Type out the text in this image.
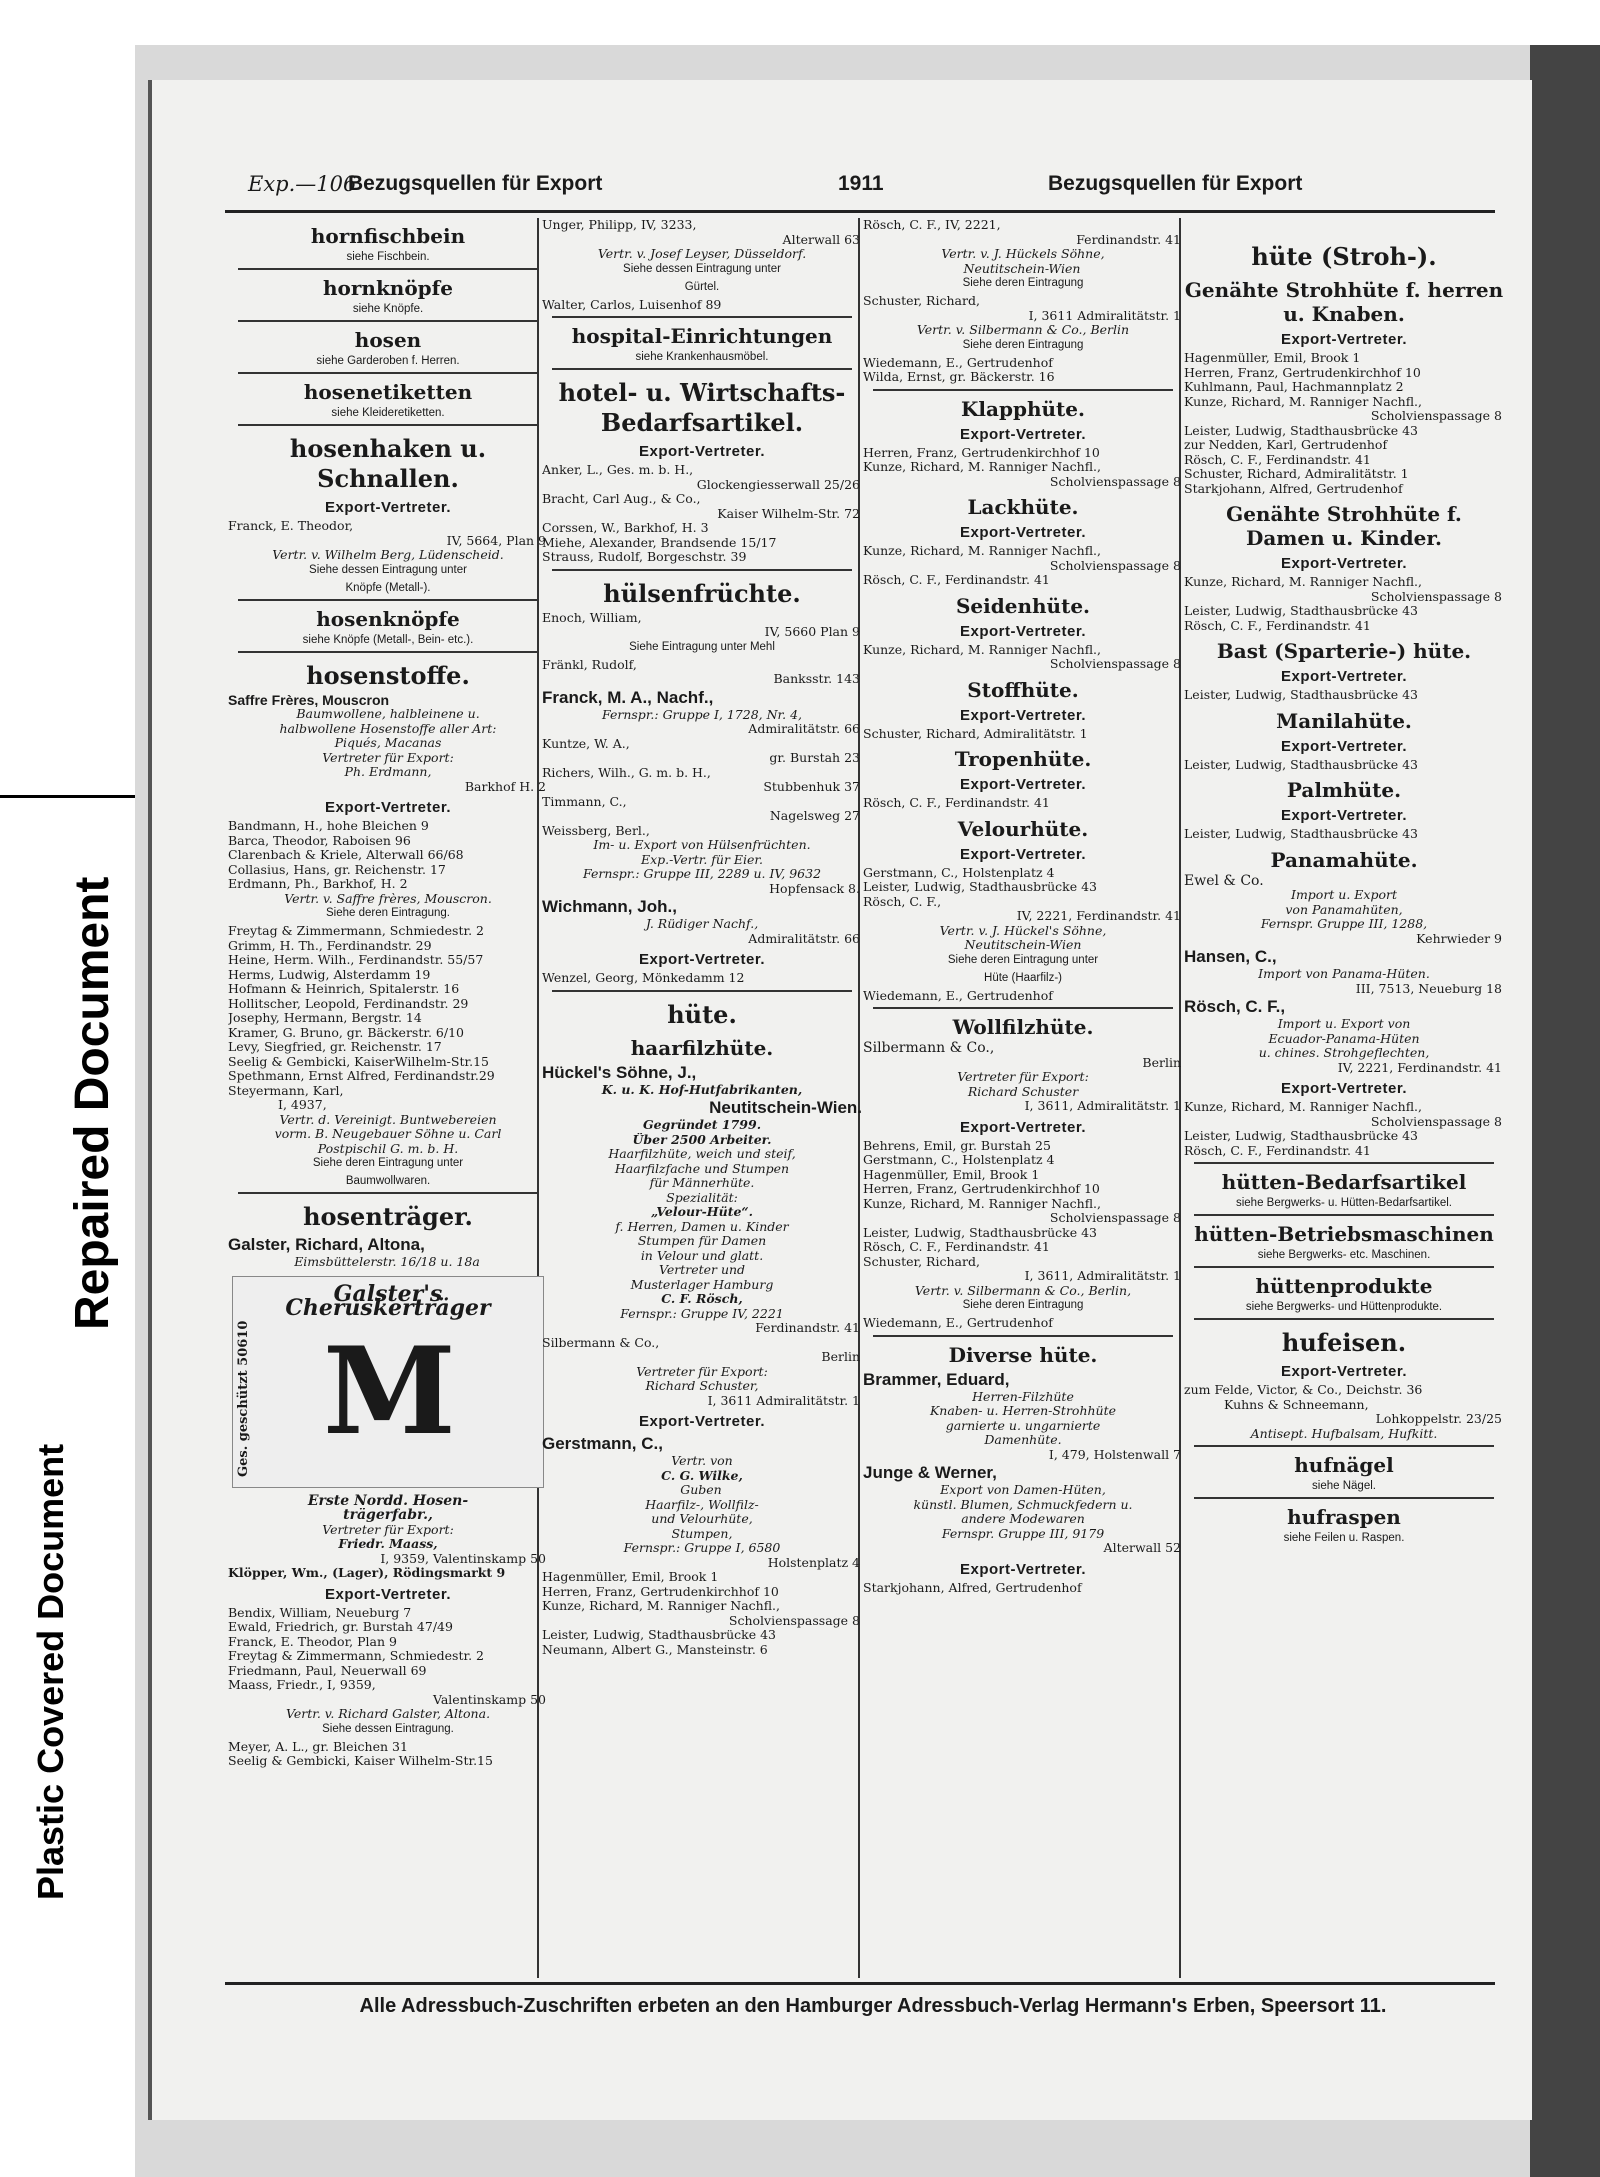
Plastic Covered Document
Repaired Document
Exp.—106
Bezugsquellen für Export	1911	Bezugsquellen für Export
hornfischbein
siehe Fischbein.
hornknöpfe
siehe Knöpfe.
hosen
siehe Garderoben f. Herren.
hosenetiketten
siehe Kleideretiketten.
hosenhaken u. Schnallen.
Export-Vertreter.
Franck, E. Theodor,
IV, 5664, Plan 9
Vertr. v. Wilhelm Berg, Lüdenscheid.
Siehe dessen Eintragung unter
Knöpfe (Metall-).
hosenknöpfe
siehe Knöpfe (Metall-, Bein- etc.).
hosenstoffe.
Saffre Frères, Mouscron
Baumwollene, halbleinene u.
halbwollene Hosenstoffe aller Art:
Piqués, Macanas
Vertreter für Export:
Ph. Erdmann,
Barkhof H. 2
Export-Vertreter.
Bandmann, H., hohe Bleichen 9
Barca, Theodor, Raboisen 96
Clarenbach & Kriele, Alterwall 66/68
Collasius, Hans, gr. Reichenstr. 17
Erdmann, Ph., Barkhof, H. 2
Vertr. v. Saffre frères, Mouscron.
Siehe deren Eintragung.
Freytag & Zimmermann, Schmiedestr. 2
Grimm, H. Th., Ferdinandstr. 29
Heine, Herm. Wilh., Ferdinandstr. 55/57
Herms, Ludwig, Alsterdamm 19
Hofmann & Heinrich, Spitalerstr. 16
Hollitscher, Leopold, Ferdinandstr. 29
Josephy, Hermann, Bergstr. 14
Kramer, G. Bruno, gr. Bäckerstr. 6/10
Levy, Siegfried, gr. Reichenstr. 17
Seelig & Gembicki, KaiserWilhelm-Str.15
Spethmann, Ernst Alfred, Ferdinandstr.29
Steyermann, Karl,
I, 4937,
Vertr. d. Vereinigt. Buntwebereien
vorm. B. Neugebauer Söhne u. Carl
Postpischil G. m. b. H.
Siehe deren Eintragung unter
Baumwollwaren.
hosenträger.
Galster, Richard, Altona,
Eimsbüttelerstr. 16/18 u. 18a
Galster's Cheruskerträger
M
Ges. geschützt 50610
Erste Nordd. Hosen-
trägerfabr.,
Vertreter für Export:
Friedr. Maass,
I, 9359, Valentinskamp 50
Klöpper, Wm., (Lager), Rödingsmarkt 9
Export-Vertreter.
Bendix, William, Neueburg 7
Ewald, Friedrich, gr. Burstah 47/49
Franck, E. Theodor, Plan 9
Freytag & Zimmermann, Schmiedestr. 2
Friedmann, Paul, Neuerwall 69
Maass, Friedr., I, 9359,
Valentinskamp 50
Vertr. v. Richard Galster, Altona.
Siehe dessen Eintragung.
Meyer, A. L., gr. Bleichen 31
Seelig & Gembicki, Kaiser Wilhelm-Str.15
Unger, Philipp, IV, 3233,
Alterwall 63
Vertr. v. Josef Leyser, Düsseldorf.
Siehe dessen Eintragung unter
Gürtel.
Walter, Carlos, Luisenhof 89
hospital-Einrichtungen
siehe Krankenhausmöbel.
hotel- u. Wirtschafts-Bedarfsartikel.
Export-Vertreter.
Anker, L., Ges. m. b. H.,
Glockengiesserwall 25/26
Bracht, Carl Aug., & Co.,
Kaiser Wilhelm-Str. 72
Corssen, W., Barkhof, H. 3
Miehe, Alexander, Brandsende 15/17
Strauss, Rudolf, Borgeschstr. 39
hülsenfrüchte.
Enoch, William,
IV, 5660 Plan 9
Siehe Eintragung unter Mehl
Fränkl, Rudolf,
Banksstr. 143
Franck, M. A., Nachf.,
Fernspr.: Gruppe I, 1728, Nr. 4,
Admiralitätstr. 66
Kuntze, W. A.,
gr. Burstah 23
Richers, Wilh., G. m. b. H.,
Stubbenhuk 37
Timmann, C.,
Nagelsweg 27
Weissberg, Berl.,
Im- u. Export von Hülsenfrüchten.
Exp.-Vertr. für Eier.
Fernspr.: Gruppe III, 2289 u. IV, 9632
Hopfensack 8.
Wichmann, Joh.,
J. Rüdiger Nachf.,
Admiralitätstr. 66
Export-Vertreter.
Wenzel, Georg, Mönkedamm 12
hüte.
haarfilzhüte.
Hückel's Söhne, J.,
K. u. K. Hof-Hutfabrikanten,
Neutitschein-Wien.
Gegründet 1799.
Über 2500 Arbeiter.
Haarfilzhüte, weich und steif,
Haarfilzfache und Stumpen
für Männerhüte.
Spezialität:
„Velour-Hüte“.
f. Herren, Damen u. Kinder
Stumpen für Damen
in Velour und glatt.
Vertreter und
Musterlager Hamburg
C. F. Rösch,
Fernspr.: Gruppe IV, 2221
Ferdinandstr. 41
Silbermann & Co.,
Berlin
Vertreter für Export:
Richard Schuster,
I, 3611 Admiralitätstr. 1
Export-Vertreter.
Gerstmann, C.,
Vertr. von
C. G. Wilke,
Guben
Haarfilz-, Wollfilz-
und Velourhüte,
Stumpen,
Fernspr.: Gruppe I, 6580
Holstenplatz 4
Hagenmüller, Emil, Brook 1
Herren, Franz, Gertrudenkirchhof 10
Kunze, Richard, M. Ranniger Nachfl.,
Scholvienspassage 8
Leister, Ludwig, Stadthausbrücke 43
Neumann, Albert G., Mansteinstr. 6
Rösch, C. F., IV, 2221,
Ferdinandstr. 41
Vertr. v. J. Hückels Söhne,
Neutitschein-Wien
Siehe deren Eintragung
Schuster, Richard,
I, 3611 Admiralitätstr. 1
Vertr. v. Silbermann & Co., Berlin
Siehe deren Eintragung
Wiedemann, E., Gertrudenhof
Wilda, Ernst, gr. Bäckerstr. 16
Klapphüte.
Export-Vertreter.
Herren, Franz, Gertrudenkirchhof 10
Kunze, Richard, M. Ranniger Nachfl.,
Scholvienspassage 8
Lackhüte.
Export-Vertreter.
Kunze, Richard, M. Ranniger Nachfl.,
Scholvienspassage 8
Rösch, C. F., Ferdinandstr. 41
Seidenhüte.
Export-Vertreter.
Kunze, Richard, M. Ranniger Nachfl.,
Scholvienspassage 8
Stoffhüte.
Export-Vertreter.
Schuster, Richard, Admiralitätstr. 1
Tropenhüte.
Export-Vertreter.
Rösch, C. F., Ferdinandstr. 41
Velourhüte.
Export-Vertreter.
Gerstmann, C., Holstenplatz 4
Leister, Ludwig, Stadthausbrücke 43
Rösch, C. F.,
IV, 2221, Ferdinandstr. 41
Vertr. v. J. Hückel's Söhne,
Neutitschein-Wien
Siehe deren Eintragung unter
Hüte (Haarfilz-)
Wiedemann, E., Gertrudenhof
Wollfilzhüte.
Silbermann & Co.,
Berlin
Vertreter für Export:
Richard Schuster
I, 3611, Admiralitätstr. 1
Export-Vertreter.
Behrens, Emil, gr. Burstah 25
Gerstmann, C., Holstenplatz 4
Hagenmüller, Emil, Brook 1
Herren, Franz, Gertrudenkirchhof 10
Kunze, Richard, M. Ranniger Nachfl.,
Scholvienspassage 8
Leister, Ludwig, Stadthausbrücke 43
Rösch, C. F., Ferdinandstr. 41
Schuster, Richard,
I, 3611, Admiralitätstr. 1
Vertr. v. Silbermann & Co., Berlin,
Siehe deren Eintragung
Wiedemann, E., Gertrudenhof
Diverse hüte.
Brammer, Eduard,
Herren-Filzhüte
Knaben- u. Herren-Strohhüte
garnierte u. ungarnierte
Damenhüte.
I, 479, Holstenwall 7
Junge & Werner,
Export von Damen-Hüten,
künstl. Blumen, Schmuckfedern u.
andere Modewaren
Fernspr. Gruppe III, 9179
Alterwall 52
Export-Vertreter.
Starkjohann, Alfred, Gertrudenhof
hüte (Stroh-).
Genähte Strohhüte f. herren u. Knaben.
Export-Vertreter.
Hagenmüller, Emil, Brook 1
Herren, Franz, Gertrudenkirchhof 10
Kuhlmann, Paul, Hachmannplatz 2
Kunze, Richard, M. Ranniger Nachfl.,
Scholvienspassage 8
Leister, Ludwig, Stadthausbrücke 43
zur Nedden, Karl, Gertrudenhof
Rösch, C. F., Ferdinandstr. 41
Schuster, Richard, Admiralitätstr. 1
Starkjohann, Alfred, Gertrudenhof
Genähte Strohhüte f. Damen u. Kinder.
Export-Vertreter.
Kunze, Richard, M. Ranniger Nachfl.,
Scholvienspassage 8
Leister, Ludwig, Stadthausbrücke 43
Rösch, C. F., Ferdinandstr. 41
Bast (Sparterie-) hüte.
Export-Vertreter.
Leister, Ludwig, Stadthausbrücke 43
Manilahüte.
Export-Vertreter.
Leister, Ludwig, Stadthausbrücke 43
Palmhüte.
Export-Vertreter.
Leister, Ludwig, Stadthausbrücke 43
Panamahüte.
Ewel & Co.
Import u. Export
von Panamahüten,
Fernspr. Gruppe III, 1288,
Kehrwieder 9
Hansen, C.,
Import von Panama-Hüten.
III, 7513, Neueburg 18
Rösch, C. F.,
Import u. Export von
Ecuador-Panama-Hüten
u. chines. Strohgeflechten,
IV, 2221, Ferdinandstr. 41
Export-Vertreter.
Kunze, Richard, M. Ranniger Nachfl.,
Scholvienspassage 8
Leister, Ludwig, Stadthausbrücke 43
Rösch, C. F., Ferdinandstr. 41
hütten-Bedarfsartikel
siehe Bergwerks- u. Hütten-Bedarfsartikel.
hütten-Betriebsmaschinen
siehe Bergwerks- etc. Maschinen.
hüttenprodukte
siehe Bergwerks- und Hüttenprodukte.
hufeisen.
Export-Vertreter.
zum Felde, Victor, & Co., Deichstr. 36
Kuhns & Schneemann,
Lohkoppelstr. 23/25
Antisept. Hufbalsam, Hufkitt.
hufnägel
siehe Nägel.
hufraspen
siehe Feilen u. Raspen.
Alle Adressbuch-Zuschriften erbeten an den Hamburger Adressbuch-Verlag Hermann's Erben, Speersort 11.
